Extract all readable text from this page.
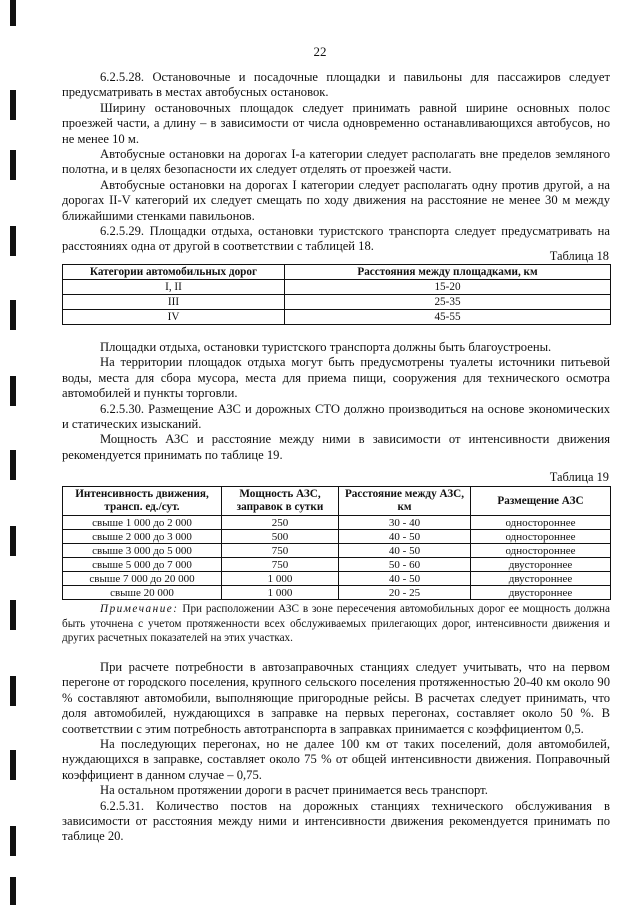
22

6.2.5.28. Остановочные и посадочные площадки и павильоны для пассажиров следует предусматривать в местах автобусных остановок.

Ширину остановочных площадок следует принимать равной ширине основных полос проезжей части, а длину – в зависимости от числа одновременно останавливающихся автобусов, но не менее 10 м.

Автобусные остановки на дорогах I-а категории следует располагать вне пределов земляного полотна, и в целях безопасности их следует отделять от проезжей части.

Автобусные остановки на дорогах I категории следует располагать одну против другой, а на дорогах II-V категорий их следует смещать по ходу движения на расстояние не менее 30 м между ближайшими стенками павильонов.

6.2.5.29. Площадки отдыха, остановки туристского транспорта следует предусматривать на расстояниях одна от другой в соответствии с таблицей 18.

Таблица 18
Категории автомобильных дорог	Расстояния между площадками, км
I, II	15-20
III	25-35
IV	45-55

Площадки отдыха, остановки туристского транспорта должны быть благоустроены.

На территории площадок отдыха могут быть предусмотрены туалеты источники питьевой воды, места для сбора мусора, места для приема пищи, сооружения для технического осмотра автомобилей и пункты торговли.

6.2.5.30. Размещение АЗС и дорожных СТО должно производиться на основе экономических и статических изысканий.

Мощность АЗС и расстояние между ними в зависимости от интенсивности движения рекомендуется принимать по таблице 19.

Таблица 19
Интенсивность движения, трансп. ед./сут.	Мощность АЗС, заправок в сутки	Расстояние между АЗС, км	Размещение АЗС
свыше 1 000 до 2 000	250	30 - 40	одностороннее
свыше 2 000 до 3 000	500	40 - 50	одностороннее
свыше 3 000 до 5 000	750	40 - 50	одностороннее
свыше 5 000 до 7 000	750	50 - 60	двустороннее
свыше 7 000 до 20 000	1 000	40 - 50	двустороннее
свыше 20 000	1 000	20 - 25	двустороннее
Примечание: При расположении АЗС в зоне пересечения автомобильных дорог ее мощность должна быть уточнена с учетом протяженности всех обслуживаемых прилегающих дорог, интенсивности движения и других расчетных показателей на этих участках.

При расчете потребности в автозаправочных станциях следует учитывать, что на первом перегоне от городского поселения, крупного сельского поселения протяженностью 20-40 км около 90 % составляют автомобили, выполняющие пригородные рейсы. В расчетах следует принимать, что доля автомобилей, нуждающихся в заправке на первых перегонах, составляет около 50 %. В соответствии с этим потребность автотранспорта в заправках принимается с коэффициентом 0,5.

На последующих перегонах, но не далее 100 км от таких поселений, доля автомобилей, нуждающихся в заправке, составляет около 75 % от общей интенсивности движения. Поправочный коэффициент в данном случае – 0,75.

На остальном протяжении дороги в расчет принимается весь транспорт.

6.2.5.31. Количество постов на дорожных станциях технического обслуживания в зависимости от расстояния между ними и интенсивности движения рекомендуется принимать по таблице 20.
